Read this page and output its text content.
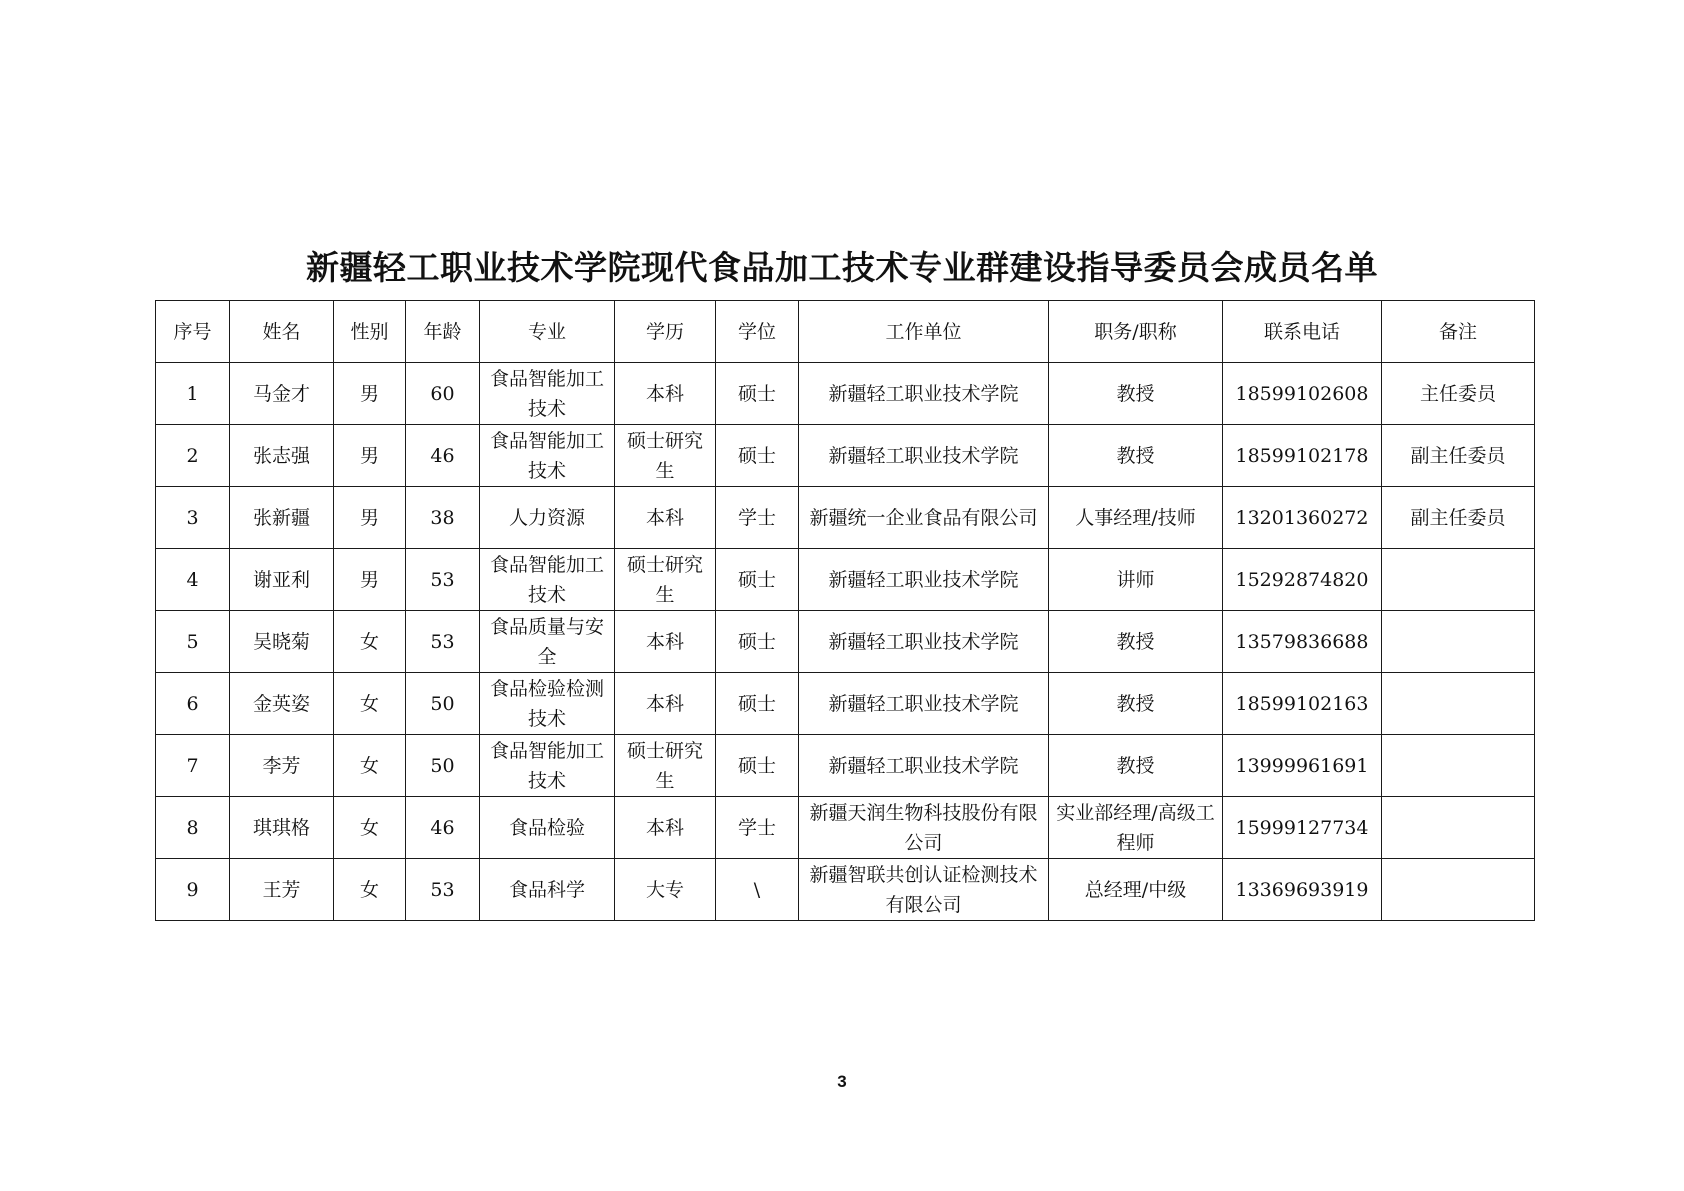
新疆轻工职业技术学院现代食品加工技术专业群建设指导委员会成员名单
序号	姓名	性别	年龄	专业	学历	学位	工作单位	职务/职称	联系电话	备注
1	马金才	男	60	食品智能加工技术	本科	硕士	新疆轻工职业技术学院	教授	18599102608	主任委员
2	张志强	男	46	食品智能加工技术	硕士研究生	硕士	新疆轻工职业技术学院	教授	18599102178	副主任委员
3	张新疆	男	38	人力资源	本科	学士	新疆统一企业食品有限公司	人事经理/技师	13201360272	副主任委员
4	谢亚利	男	53	食品智能加工技术	硕士研究生	硕士	新疆轻工职业技术学院	讲师	15292874820	
5	吴晓菊	女	53	食品质量与安全	本科	硕士	新疆轻工职业技术学院	教授	13579836688	
6	金英姿	女	50	食品检验检测技术	本科	硕士	新疆轻工职业技术学院	教授	18599102163	
7	李芳	女	50	食品智能加工技术	硕士研究生	硕士	新疆轻工职业技术学院	教授	13999961691	
8	琪琪格	女	46	食品检验	本科	学士	新疆天润生物科技股份有限公司	实业部经理/高级工程师	15999127734	
9	王芳	女	53	食品科学	大专	\	新疆智联共创认证检测技术有限公司	总经理/中级	13369693919	
3
